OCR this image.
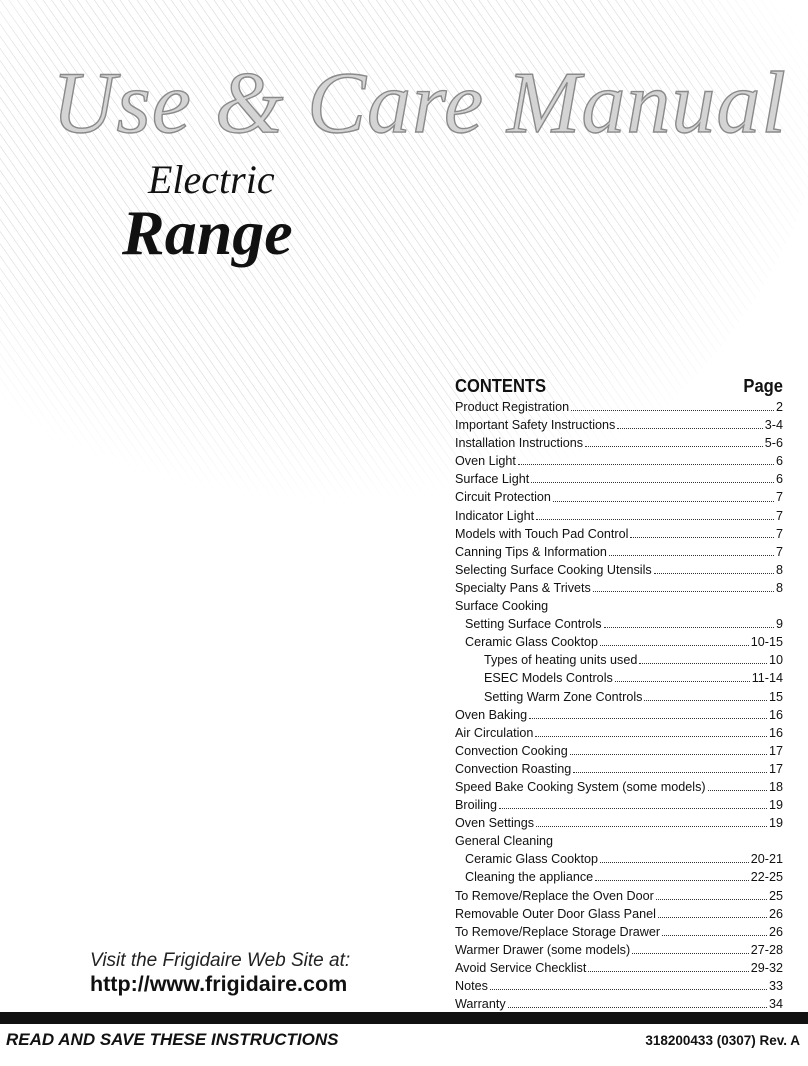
Use & Care Manual
Electric
Range
CONTENTS	Page
Product Registration	2
Important Safety Instructions	3-4
Installation Instructions	5-6
Oven Light	6
Surface Light	6
Circuit Protection	7
Indicator Light	7
Models with Touch Pad Control	7
Canning Tips & Information	7
Selecting Surface Cooking Utensils	8
Specialty Pans & Trivets	8
Surface Cooking
Setting Surface Controls	9
Ceramic Glass Cooktop	10-15
Types of heating units used	10
ESEC Models Controls	11-14
Setting Warm Zone Controls	15
Oven Baking	16
Air Circulation	16
Convection Cooking	17
Convection Roasting	17
Speed Bake Cooking System (some models)	18
Broiling	19
Oven Settings	19
General Cleaning
Ceramic Glass Cooktop	20-21
Cleaning the appliance	22-25
To Remove/Replace the Oven Door	25
Removable Outer Door Glass Panel	26
To Remove/Replace Storage Drawer	26
Warmer Drawer (some models)	27-28
Avoid Service Checklist	29-32
Notes	33
Warranty	34
Visit the Frigidaire Web Site at:
http://www.frigidaire.com
READ AND SAVE THESE INSTRUCTIONS	318200433 (0307) Rev. A
